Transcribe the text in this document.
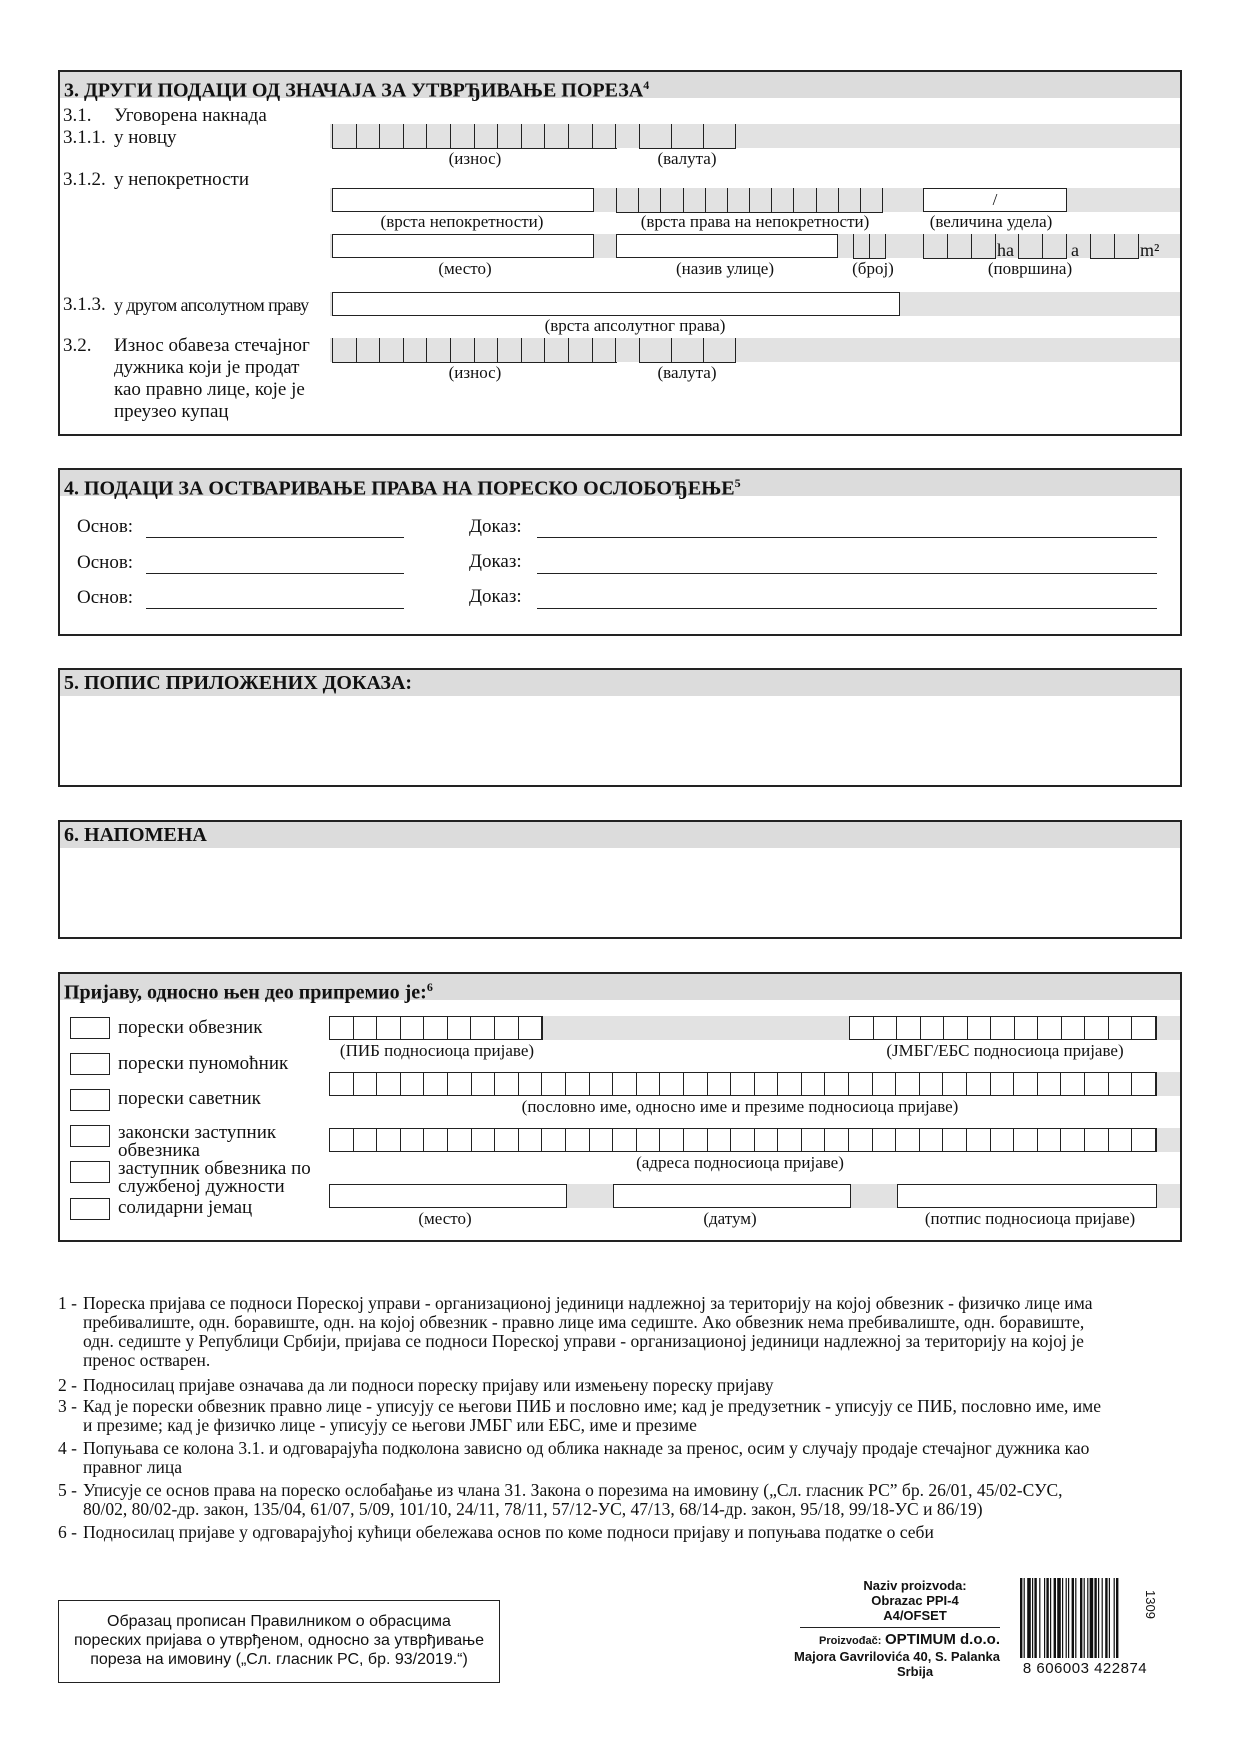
3. ДРУГИ ПОДАЦИ ОД ЗНАЧАЈА ЗА УТВРЂИВАЊЕ ПОРЕЗА$^4$
3.1. Уговорена накнада
3.1.1. у новцу
(износ)	(валута)
3.1.2. у непокретности
/
(врста непокретности)	(врста права на непокретности)	(величина удела)
ha	a	m²
(место)	(назив улице)	(број)	(површина)
3.1.3. у другом апсолутном праву
(врста апсолутног права)
3.2. Износ обавеза стечајног
дужника који је продат
као правно лице, које је
преузео купац
(износ)	(валута)
4. ПОДАЦИ ЗА ОСТВАРИВАЊЕ ПРАВА НА ПОРЕСКО ОСЛОБОЂЕЊЕ$^5$
Основ:	Доказ:
Основ:	Доказ:
Основ:	Доказ:
5. ПОПИС ПРИЛОЖЕНИХ ДОКАЗА:
6. НАПОМЕНА
Пријаву, односно њен део припремио је:$^6$
порески обвезник
порески пуномоћник
порески саветник
законски заступник
обвезника
заступник обвезника по
службеној дужности
солидарни јемац
(ПИБ подносиоца пријаве)	(ЈМБГ/ЕБС подносиоца пријаве)
(пословно име, односно име и презиме подносиоца пријаве)
(адреса подносиоца пријаве)
(место)	(датум)	(потпис подносиоца пријаве)
1 - Пореска пријава се подноси Пореској управи - организационој јединици надлежној за територију на којој обвезник - физичко лице има
пребивалиште, одн. боравиште, одн. на којој обвезник - правно лице има седиште. Ако обвезник нема пребивалиште, одн. боравиште,
одн. седиште у Републици Србији, пријава се подноси Пореској управи - организационој јединици надлежној за територију на којој је
пренос остварен.
2 - Подносилац пријаве означава да ли подноси пореску пријаву или измењену пореску пријаву
3 - Кад је порески обвезник правно лице - уписују се његови ПИБ и пословно име; кад је предузетник - уписују се ПИБ, пословно име, име
и презиме; кад је физичко лице - уписују се његови ЈМБГ или ЕБС, име и презиме
4 - Попуњава се колона 3.1. и одговарајућа подколона зависно од облика накнаде за пренос, осим у случају продаје стечајног дужника као
правног лица
5 - Уписује се основ права на пореско ослобађање из члана 31. Закона о порезима на имовину („Сл. гласник РС” бр. 26/01, 45/02-СУС,
80/02, 80/02-др. закон, 135/04, 61/07, 5/09, 101/10, 24/11, 78/11, 57/12-УС, 47/13, 68/14-др. закон, 95/18, 99/18-УС и 86/19)
6 - Подносилац пријаве у одговарајућој кућици обележава основ по коме подноси пријаву и попуњава податке о себи
Образац прописан Правилником о обрасцима
пореских пријава о утврђеном, односно за утврђивање
пореза на имовину („Сл. гласник РС, бр. 93/2019.“)
Naziv proizvoda:
Obrazac PPI-4
A4/OFSET
Proizvođač: OPTIMUM d.o.o.
Majora Gavrilovića 40, S. Palanka
Srbija	8 606003 422874
1309
